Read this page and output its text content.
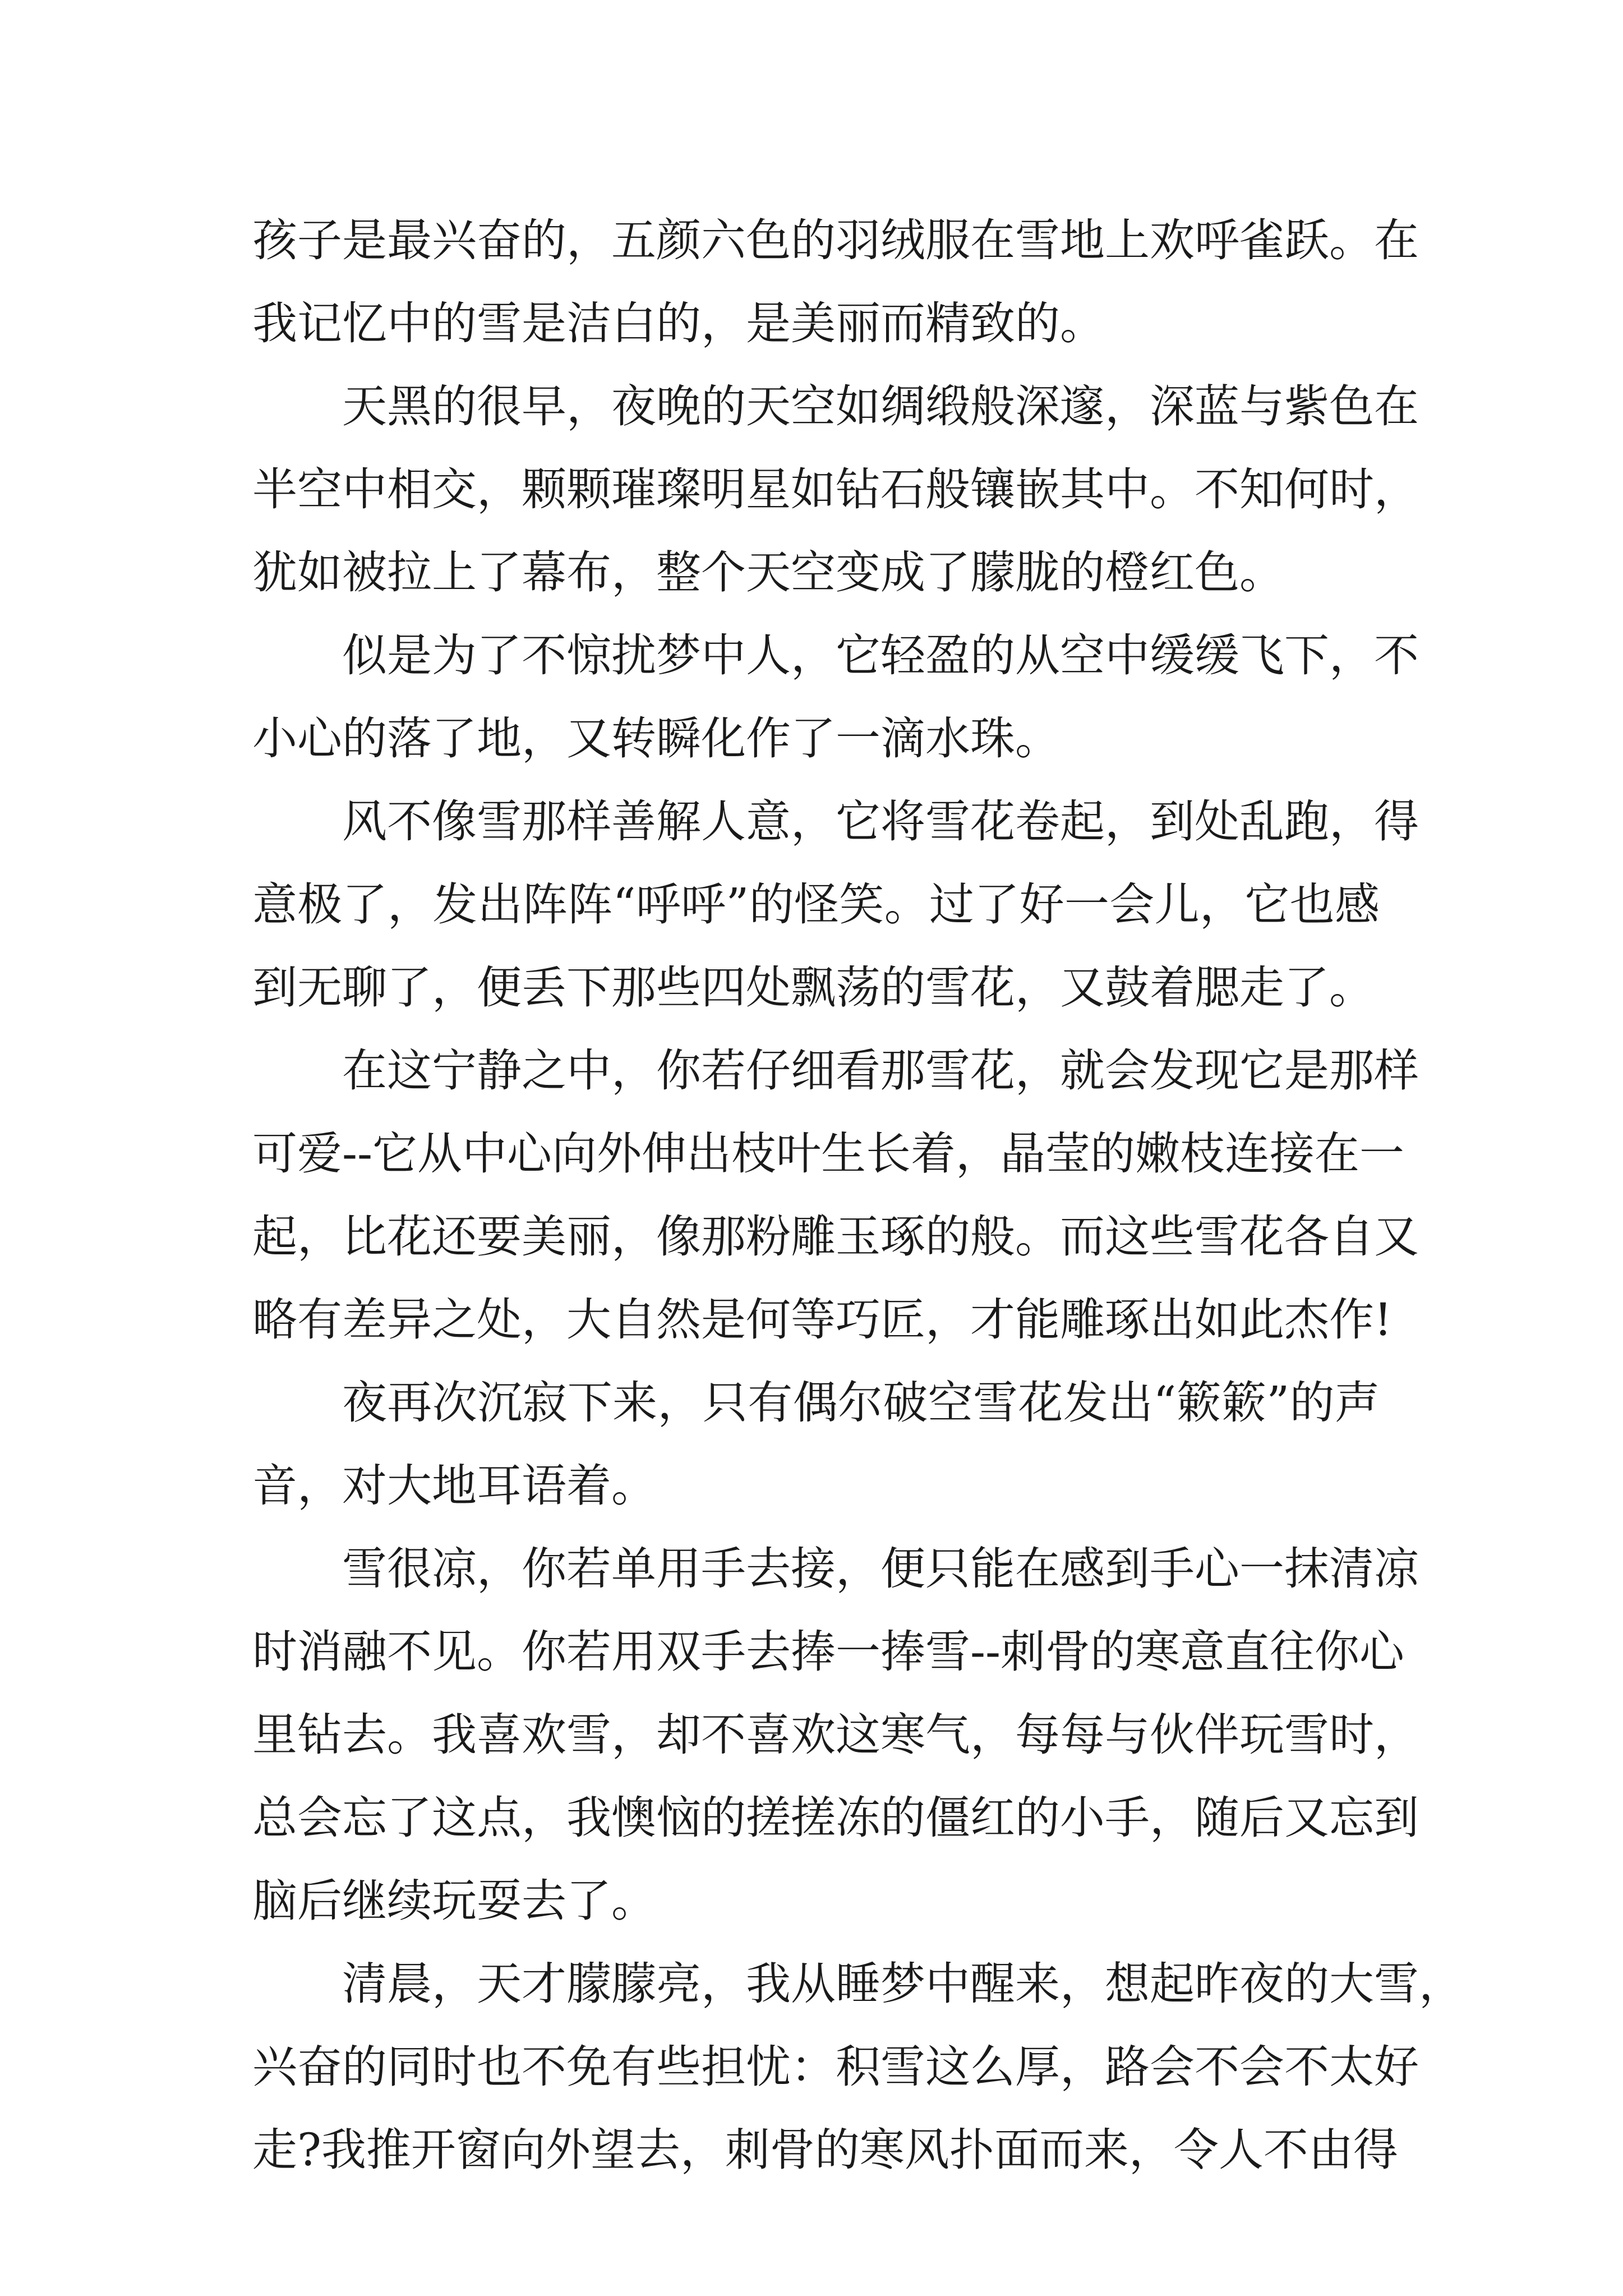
孩子是最兴奋的，五颜六色的羽绒服在雪地上欢呼雀跃。在
我记忆中的雪是洁白的，是美丽而精致的。
天黑的很早，夜晚的天空如绸缎般深邃，深蓝与紫色在
半空中相交，颗颗璀璨明星如钻石般镶嵌其中。不知何时，
犹如被拉上了幕布，整个天空变成了朦胧的橙红色。
似是为了不惊扰梦中人，它轻盈的从空中缓缓飞下，不
小心的落了地，又转瞬化作了一滴水珠。
风不像雪那样善解人意，它将雪花卷起，到处乱跑，得
意极了，发出阵阵“呼呼”的怪笑。过了好一会儿，它也感
到无聊了，便丢下那些四处飘荡的雪花，又鼓着腮走了。
在这宁静之中，你若仔细看那雪花，就会发现它是那样
可爱--它从中心向外伸出枝叶生长着，晶莹的嫩枝连接在一
起，比花还要美丽，像那粉雕玉琢的般。而这些雪花各自又
略有差异之处，大自然是何等巧匠，才能雕琢出如此杰作!
夜再次沉寂下来，只有偶尔破空雪花发出“簌簌”的声
音，对大地耳语着。
雪很凉，你若单用手去接，便只能在感到手心一抹清凉
时消融不见。你若用双手去捧一捧雪--刺骨的寒意直往你心
里钻去。我喜欢雪，却不喜欢这寒气，每每与伙伴玩雪时，
总会忘了这点，我懊恼的搓搓冻的僵红的小手，随后又忘到
脑后继续玩耍去了。
清晨，天才朦朦亮，我从睡梦中醒来，想起昨夜的大雪，
兴奋的同时也不免有些担忧：积雪这么厚，路会不会不太好
走?我推开窗向外望去，刺骨的寒风扑面而来，令人不由得
